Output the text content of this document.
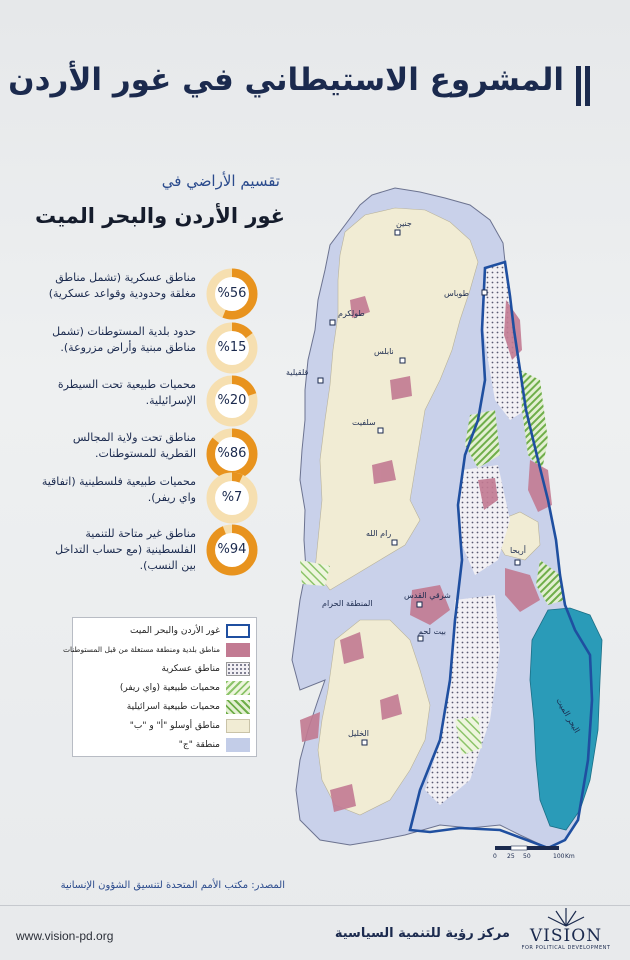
المشروع الاستيطاني في غور الأردن
تقسيم الأراضي في
غور الأردن والبحر الميت	جنين
طوباس
طولكرم
نابلس
قلقيلية
سلفيت
رام الله
أريحا
شرقي القدس
المنطقة الحرام
بيت لحم
الخليل	البحر الميت
0 25 50	100 Km
%56
مناطق عسكرية (تشمل مناطق مغلقة وحدودية وقواعد عسكرية)
%15
حدود بلدية المستوطنات (تشمل مناطق مبنية وأراض مزروعة).
%20
محميات طبيعية تحت السيطرة الإسرائيلية.
%86
مناطق تحت ولاية المجالس القطرية للمستوطنات.
%7
محميات طبيعية فلسطينية (اتفاقية واي ريفر).
%94
مناطق غير متاحة للتنمية الفلسطينية (مع حساب التداخل بين النسب).
غور الأردن والبحر الميت
مناطق بلدية ومنطقة مستغلة من قبل المستوطنات
مناطق عسكرية
محميات طبيعية (واي ريفر)
محميات طبيعية اسرائيلية
مناطق أوسلو "أ" و "ب"
منطقة "ج"
المصدر: مكتب الأمم المتحدة لتنسيق الشؤون الإنسانية
www.vision-pd.org	مركز رؤية للتنمية السياسية	VISION
FOR POLITICAL DEVELOPMENT
